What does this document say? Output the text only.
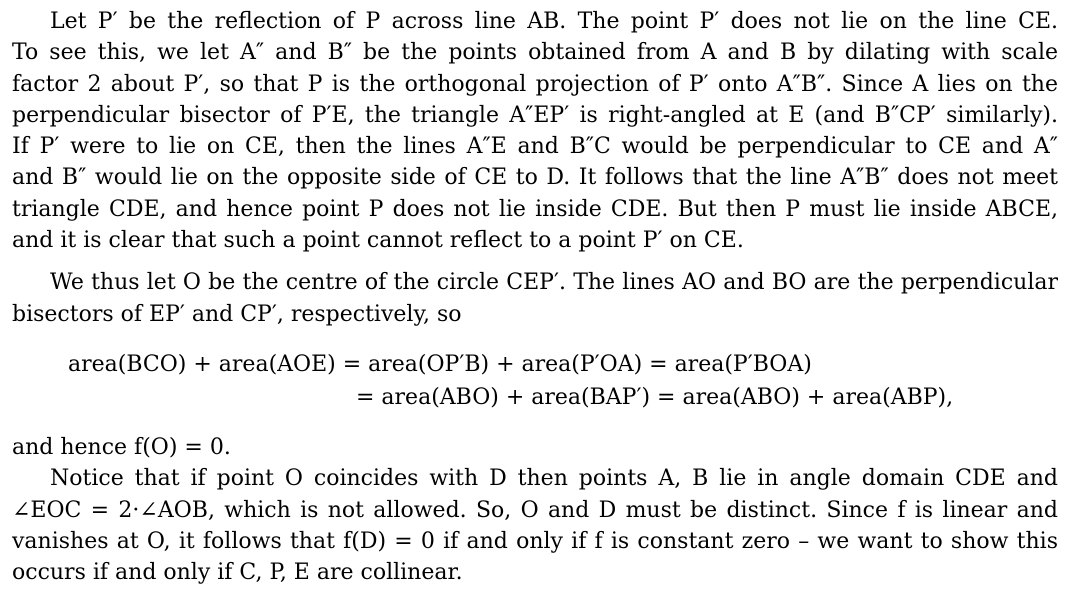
Let P′ be the reflection of P across line AB. The point P′ does not lie on the line CE.
To see this, we let A″ and B″ be the points obtained from A and B by dilating with scale
factor 2 about P′, so that P is the orthogonal projection of P′ onto A″B″. Since A lies on the
perpendicular bisector of P′E, the triangle A″EP′ is right-angled at E (and B″CP′ similarly).
If P′ were to lie on CE, then the lines A″E and B″C would be perpendicular to CE and A″
and B″ would lie on the opposite side of CE to D. It follows that the line A″B″ does not meet
triangle CDE, and hence point P does not lie inside CDE. But then P must lie inside ABCE,
and it is clear that such a point cannot reflect to a point P′ on CE.
We thus let O be the centre of the circle CEP′. The lines AO and BO are the perpendicular
bisectors of EP′ and CP′, respectively, so
area(BCO) + area(AOE) = area(OP′B) + area(P′OA) = area(P′BOA)
= area(ABO) + area(BAP′) = area(ABO) + area(ABP),
and hence f(O) = 0.
Notice that if point O coincides with D then points A, B lie in angle domain CDE and
∠EOC = 2·∠AOB, which is not allowed. So, O and D must be distinct. Since f is linear and
vanishes at O, it follows that f(D) = 0 if and only if f is constant zero – we want to show this
occurs if and only if C, P, E are collinear.
